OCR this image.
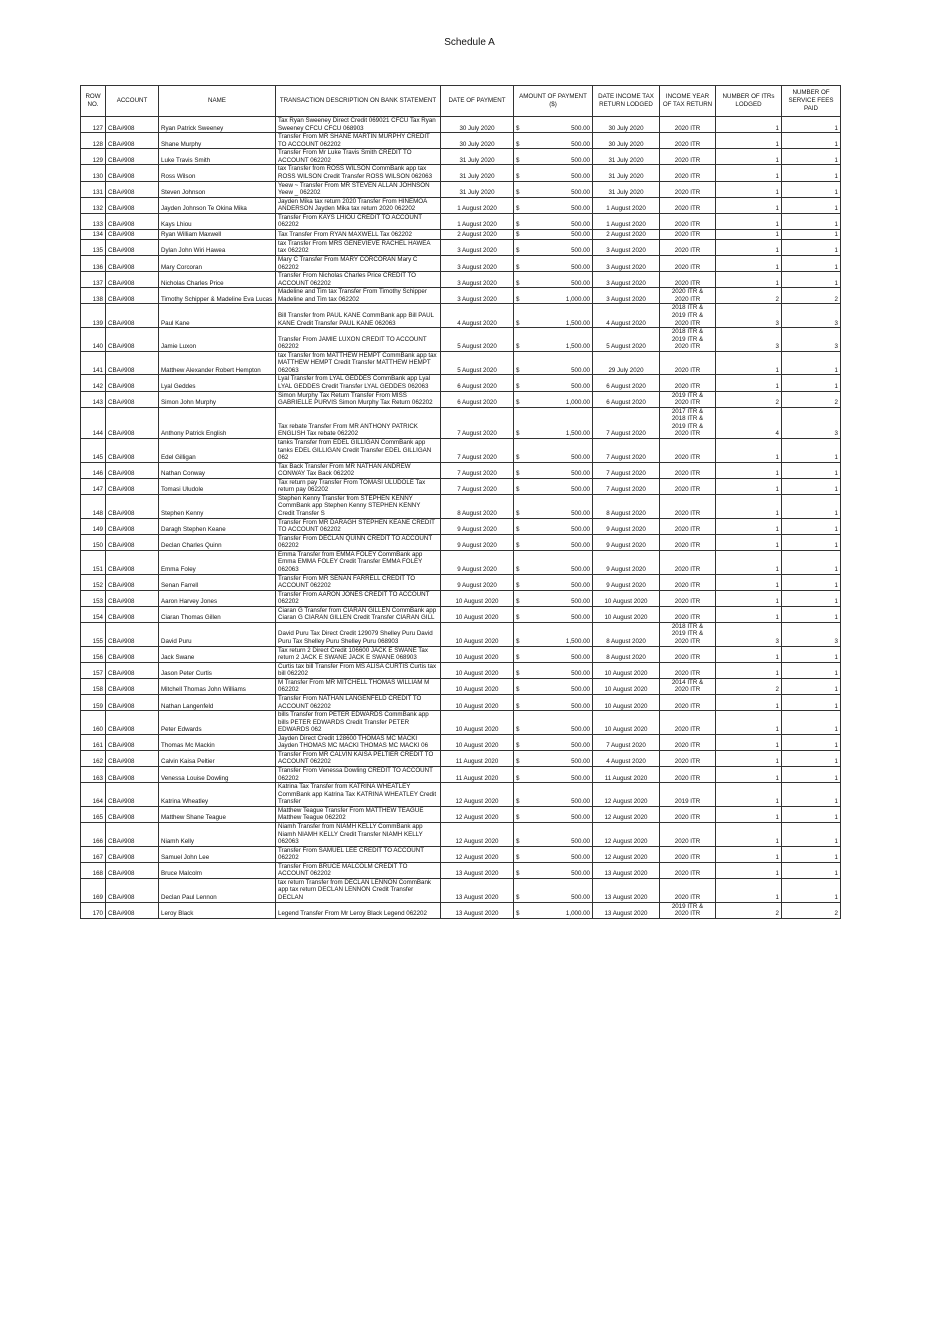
Schedule A
ROW NO.	ACCOUNT	NAME	TRANSACTION DESCRIPTION ON BANK STATEMENT	DATE OF PAYMENT	AMOUNT OF PAYMENT ($)	DATE INCOME TAX RETURN LODGED	INCOME YEAR OF TAX RETURN	NUMBER OF ITRs LODGED	NUMBER OF SERVICE FEES PAID
127	CBA#908	Ryan Patrick Sweeney	Tax Ryan Sweeney Direct Credit 069021 CFCU Tax Ryan Sweeney CFCU CFCU 068903	30 July 2020	$ 500.00	30 July 2020	2020 ITR	1	1
128	CBA#908	Shane Murphy	Transfer From MR SHANE MARTIN MURPHY CREDIT TO ACCOUNT 062202	30 July 2020	$ 500.00	30 July 2020	2020 ITR	1	1
129	CBA#908	Luke Travis Smith	Transfer From Mr Luke Travis Smith CREDIT TO ACCOUNT 062202	31 July 2020	$ 500.00	31 July 2020	2020 ITR	1	1
130	CBA#908	Ross Wilson	tax Transfer from ROSS WILSON CommBank app tax ROSS WILSON Credit Transfer ROSS WILSON 062063	31 July 2020	$ 500.00	31 July 2020	2020 ITR	1	1
131	CBA#908	Steven Johnson	Yeew ~ Transfer From MR STEVEN ALLAN JOHNSON Yeew _ 062202	31 July 2020	$ 500.00	31 July 2020	2020 ITR	1	1
132	CBA#908	Jayden Johnson Te Okina Mika	Jayden Mika tax return 2020 Transfer From HINEMOA ANDERSON Jayden Mika tax return 2020 062202	1 August 2020	$ 500.00	1 August 2020	2020 ITR	1	1
133	CBA#908	Kays Lhiou	Transfer From KAYS LHIOU CREDIT TO ACCOUNT 062202	1 August 2020	$ 500.00	1 August 2020	2020 ITR	1	1
134	CBA#908	Ryan William Maxwell	Tax Transfer From RYAN MAXWELL Tax 062202	2 August 2020	$ 500.00	2 August 2020	2020 ITR	1	1
135	CBA#908	Dylan John Wiri Hawea	tax Transfer From MRS GENEVIEVE RACHEL HAWEA tax 062202	3 August 2020	$ 500.00	3 August 2020	2020 ITR	1	1
136	CBA#908	Mary Corcoran	Mary C Transfer From MARY CORCORAN Mary C 062202	3 August 2020	$ 500.00	3 August 2020	2020 ITR	1	1
137	CBA#908	Nicholas Charles Price	Transfer From Nicholas Charles Price CREDIT TO ACCOUNT 062202	3 August 2020	$ 500.00	3 August 2020	2020 ITR	1	1
138	CBA#908	Timothy Schipper & Madeline Eva Lucas	Madeline and Tim tax Transfer From Timothy Schipper Madeline and Tim tax 062202	3 August 2020	$ 1,000.00	3 August 2020	2020 ITR &
2020 ITR	2	2
139	CBA#908	Paul Kane	Bill Transfer from PAUL KANE CommBank app Bill PAUL KANE Credit Transfer PAUL KANE 062063	4 August 2020	$ 1,500.00	4 August 2020	2018 ITR &
2019 ITR &
2020 ITR	3	3
140	CBA#908	Jamie Luxon	Transfer From JAMIE LUXON CREDIT TO ACCOUNT 062202	5 August 2020	$ 1,500.00	5 August 2020	2018 ITR &
2019 ITR &
2020 ITR	3	3
141	CBA#908	Matthew Alexander Robert Hempton	tax Transfer from MATTHEW HEMPT CommBank app tax MATTHEW HEMPT Credit Transfer MATTHEW HEMPT 062063	5 August 2020	$ 500.00	29 July 2020	2020 ITR	1	1
142	CBA#908	Lyal Geddes	Lyal Transfer from LYAL GEDDES CommBank app Lyal LYAL GEDDES Credit Transfer LYAL GEDDES 062063	6 August 2020	$ 500.00	6 August 2020	2020 ITR	1	1
143	CBA#908	Simon John Murphy	Simon Murphy Tax Return Transfer From MISS GABRIELLE PURVIS Simon Murphy Tax Return 062202	6 August 2020	$ 1,000.00	6 August 2020	2019 ITR &
2020 ITR	2	2
144	CBA#908	Anthony Patrick English	Tax rebate Transfer From MR ANTHONY PATRICK ENGLISH Tax rebate 062202	7 August 2020	$ 1,500.00	7 August 2020	2017 ITR &
2018 ITR &
2019 ITR &
2020 ITR	4	3
145	CBA#908	Edel Gilligan	tanks Transfer from EDEL GILLIGAN CommBank app tanks EDEL GILLIGAN Credit Transfer EDEL GILLIGAN 062	7 August 2020	$ 500.00	7 August 2020	2020 ITR	1	1
146	CBA#908	Nathan Conway	Tax Back Transfer From MR NATHAN ANDREW CONWAY Tax Back 062202	7 August 2020	$ 500.00	7 August 2020	2020 ITR	1	1
147	CBA#908	Tomasi Uludole	Tax return pay Transfer From TOMASI ULUDOLE Tax return pay 062202	7 August 2020	$ 500.00	7 August 2020	2020 ITR	1	1
148	CBA#908	Stephen Kenny	Stephen Kenny Transfer from STEPHEN KENNY CommBank app Stephen Kenny STEPHEN KENNY Credit Transfer S	8 August 2020	$ 500.00	8 August 2020	2020 ITR	1	1
149	CBA#908	Daragh Stephen Keane	Transfer From MR DARAGH STEPHEN KEANE CREDIT TO ACCOUNT 062202	9 August 2020	$ 500.00	9 August 2020	2020 ITR	1	1
150	CBA#908	Declan Charles Quinn	Transfer From DECLAN QUINN CREDIT TO ACCOUNT 062202	9 August 2020	$ 500.00	9 August 2020	2020 ITR	1	1
151	CBA#908	Emma Foley	Emma Transfer from EMMA FOLEY CommBank app Emma EMMA FOLEY Credit Transfer EMMA FOLEY 062063	9 August 2020	$ 500.00	9 August 2020	2020 ITR	1	1
152	CBA#908	Senan Farrell	Transfer From MR SENAN FARRELL CREDIT TO ACCOUNT 062202	9 August 2020	$ 500.00	9 August 2020	2020 ITR	1	1
153	CBA#908	Aaron Harvey Jones	Transfer From AARON JONES CREDIT TO ACCOUNT 062202	10 August 2020	$ 500.00	10 August 2020	2020 ITR	1	1
154	CBA#908	Ciaran Thomas Gillen	Ciaran G Transfer from CIARAN GILLEN CommBank app Ciaran G CIARAN GILLEN Credit Transfer CIARAN GILL	10 August 2020	$ 500.00	10 August 2020	2020 ITR	1	1
155	CBA#908	David Puru	David Puru Tax Direct Credit 129079 Shelley Puru David Puru Tax Shelley Puru Shelley Puru 068903	10 August 2020	$ 1,500.00	8 August 2020	2018 ITR &
2019 ITR &
2020 ITR	3	3
156	CBA#908	Jack Swane	Tax return 2 Direct Credit 106600 JACK E SWANE Tax return 2 JACK E SWANE JACK E SWANE 068903	10 August 2020	$ 500.00	8 August 2020	2020 ITR	1	1
157	CBA#908	Jason Peter Curtis	Curtis tax bill Transfer From MS ALISA CURTIS Curtis tax bill 062202	10 August 2020	$ 500.00	10 August 2020	2020 ITR	1	1
158	CBA#908	Mitchell Thomas John Williams	M Transfer From MR MITCHELL THOMAS WILLIAM M 062202	10 August 2020	$ 500.00	10 August 2020	2014 ITR &
2020 ITR	2	1
159	CBA#908	Nathan Langenfeld	Transfer From NATHAN LANGENFELD CREDIT TO ACCOUNT 062202	10 August 2020	$ 500.00	10 August 2020	2020 ITR	1	1
160	CBA#908	Peter Edwards	bills Transfer from PETER EDWARDS CommBank app bills PETER EDWARDS Credit Transfer PETER EDWARDS 062	10 August 2020	$ 500.00	10 August 2020	2020 ITR	1	1
161	CBA#908	Thomas Mc Mackin	Jayden Direct Credit 128600 THOMAS MC MACKI Jayden THOMAS MC MACKI THOMAS MC MACKI 06	10 August 2020	$ 500.00	7 August 2020	2020 ITR	1	1
162	CBA#908	Calvin Kaisa Peltier	Transfer From MR CALVIN KAISA PELTIER CREDIT TO ACCOUNT 062202	11 August 2020	$ 500.00	4 August 2020	2020 ITR	1	1
163	CBA#908	Venessa Louise Dowling	Transfer From Venessa Dowling CREDIT TO ACCOUNT 062202	11 August 2020	$ 500.00	11 August 2020	2020 ITR	1	1
164	CBA#908	Katrina Wheatley	Katrina Tax Transfer from KATRINA WHEATLEY CommBank app Katrina Tax KATRINA WHEATLEY Credit Transfer	12 August 2020	$ 500.00	12 August 2020	2019 ITR	1	1
165	CBA#908	Matthew Shane Teague	Matthew Teague Transfer From MATTHEW TEAGUE Matthew Teague 062202	12 August 2020	$ 500.00	12 August 2020	2020 ITR	1	1
166	CBA#908	Niamh Kelly	Niamh Transfer from NIAMH KELLY CommBank app Niamh NIAMH KELLY Credit Transfer NIAMH KELLY 062063	12 August 2020	$ 500.00	12 August 2020	2020 ITR	1	1
167	CBA#908	Samuel John Lee	Transfer From SAMUEL LEE CREDIT TO ACCOUNT 062202	12 August 2020	$ 500.00	12 August 2020	2020 ITR	1	1
168	CBA#908	Bruce Malcolm	Transfer From BRUCE MALCOLM CREDIT TO ACCOUNT 062202	13 August 2020	$ 500.00	13 August 2020	2020 ITR	1	1
169	CBA#908	Declan Paul Lennon	tax return Transfer from DECLAN LENNON CommBank app tax return DECLAN LENNON Credit Transfer DECLAN	13 August 2020	$ 500.00	13 August 2020	2020 ITR	1	1
170	CBA#908	Leroy Black	Legend Transfer From Mr Leroy Black Legend 062202	13 August 2020	$ 1,000.00	13 August 2020	2019 ITR &
2020 ITR	2	2
